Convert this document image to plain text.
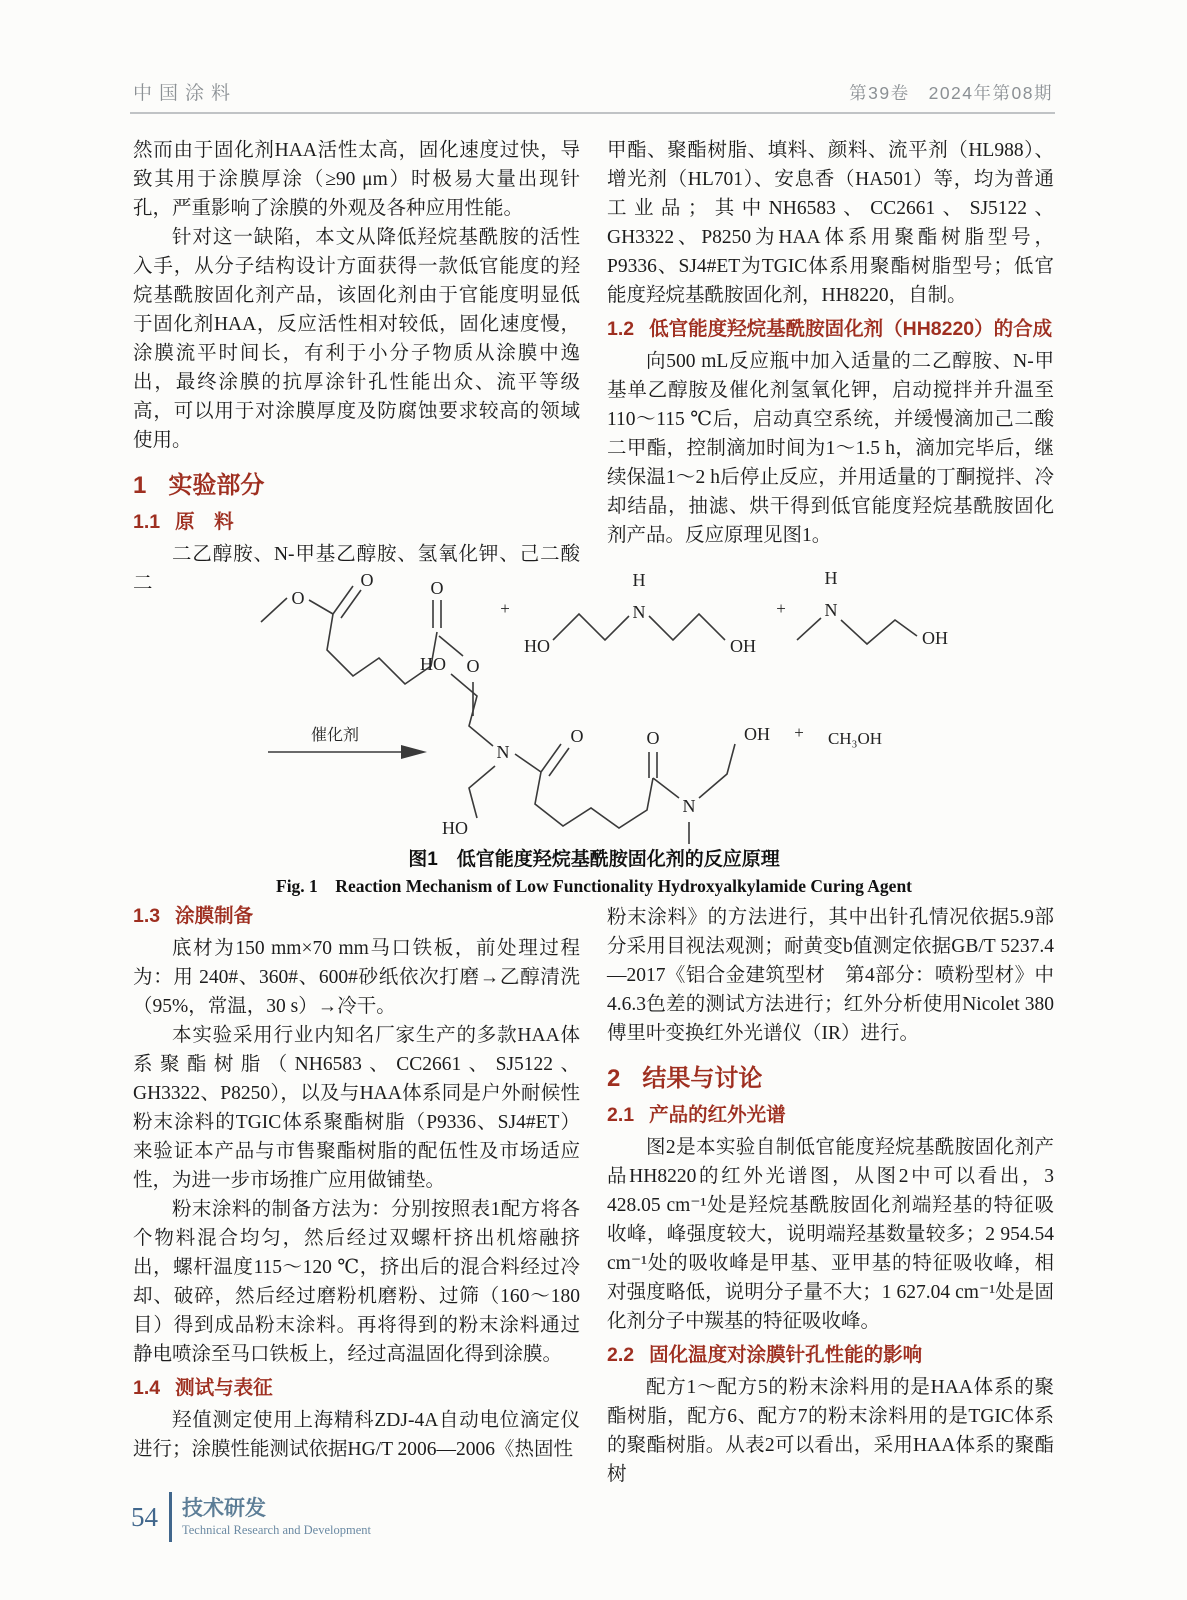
中国涂料	第39卷　2024年第08期

然而由于固化剂HAA活性太高，固化速度过快，导致其用于涂膜厚涂（≥90 μm）时极易大量出现针孔，严重影响了涂膜的外观及各种应用性能。

针对这一缺陷，本文从降低羟烷基酰胺的活性入手，从分子结构设计方面获得一款低官能度的羟烷基酰胺固化剂产品，该固化剂由于官能度明显低于固化剂HAA，反应活性相对较低，固化速度慢，涂膜流平时间长，有利于小分子物质从涂膜中逸出，最终涂膜的抗厚涂针孔性能出众、流平等级高，可以用于对涂膜厚度及防腐蚀要求较高的领域使用。

1 实验部分
1.1 原　料

二乙醇胺、N-甲基乙醇胺、氢氧化钾、己二酸二

甲酯、聚酯树脂、填料、颜料、流平剂（HL988）、增光剂（HL701）、安息香（HA501）等，均为普通工业品；其中NH6583、CC2661、SJ5122、GH3322、P8250为HAA体系用聚酯树脂型号，P9336、SJ4#ET为TGIC体系用聚酯树脂型号；低官能度羟烷基酰胺固化剂，HH8220，自制。

1.2 低官能度羟烷基酰胺固化剂（HH8220）的合成

向500 mL反应瓶中加入适量的二乙醇胺、N-甲基单乙醇胺及催化剂氢氧化钾，启动搅拌并升温至110～115 ℃后，启动真空系统，并缓慢滴加己二酸二甲酯，控制滴加时间为1～1.5 h，滴加完毕后，继续保温1～2 h后停止反应，并用适量的丁酮搅拌、冷却结晶，抽滤、烘干得到低官能度羟烷基酰胺固化剂产品。反应原理见图1。

O
O	O
O
+
HO
N
H
OH
+ N
H
OH
催化剂
HO
N
HO
O	O
N
OH + CH₃OH
图1　低官能度羟烷基酰胺固化剂的反应原理
Fig. 1　Reaction Mechanism of Low Functionality Hydroxyalkylamide Curing Agent
1.3 涂膜制备

底材为150 mm×70 mm马口铁板，前处理过程为：用 240#、360#、600#砂纸依次打磨→乙醇清洗（95%，常温，30 s）→冷干。

本实验采用行业内知名厂家生产的多款HAA体系聚酯树脂（NH6583、CC2661、SJ5122、GH3322、P8250），以及与HAA体系同是户外耐候性粉末涂料的TGIC体系聚酯树脂（P9336、SJ4#ET）来验证本产品与市售聚酯树脂的配伍性及市场适应性，为进一步市场推广应用做铺垫。

粉末涂料的制备方法为：分别按照表1配方将各个物料混合均匀，然后经过双螺杆挤出机熔融挤出，螺杆温度115～120 ℃，挤出后的混合料经过冷却、破碎，然后经过磨粉机磨粉、过筛（160～180目）得到成品粉末涂料。再将得到的粉末涂料通过静电喷涂至马口铁板上，经过高温固化得到涂膜。

1.4 测试与表征

羟值测定使用上海精科ZDJ-4A自动电位滴定仪进行；涂膜性能测试依据HG/T 2006—2006《热固性

粉末涂料》的方法进行，其中出针孔情况依据5.9部分采用目视法观测；耐黄变b值测定依据GB/T 5237.4—2017《铝合金建筑型材　第4部分：喷粉型材》中4.6.3色差的测试方法进行；红外分析使用Nicolet 380傅里叶变换红外光谱仪（IR）进行。

2 结果与讨论
2.1 产品的红外光谱

图2是本实验自制低官能度羟烷基酰胺固化剂产品HH8220的红外光谱图，从图2中可以看出，3 428.05 cm⁻¹处是羟烷基酰胺固化剂端羟基的特征吸收峰，峰强度较大，说明端羟基数量较多；2 954.54 cm⁻¹处的吸收峰是甲基、亚甲基的特征吸收峰，相对强度略低，说明分子量不大；1 627.04 cm⁻¹处是固化剂分子中羰基的特征吸收峰。

2.2 固化温度对涂膜针孔性能的影响

配方1～配方5的粉末涂料用的是HAA体系的聚酯树脂，配方6、配方7的粉末涂料用的是TGIC体系的聚酯树脂。从表2可以看出，采用HAA体系的聚酯树

54 技术研发
Technical Research and Development
